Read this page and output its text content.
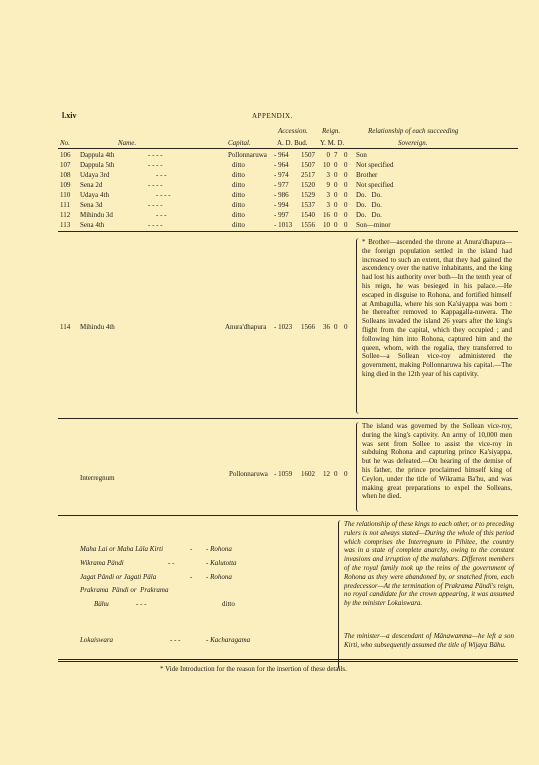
l.xiv	APPENDIX.
Accession. Reign.	Relationship of each succeeding
No.	Name.	Capital.	A. D. Bud. Y. M. D.	Sovereign.
106 Dappula 4th	- - - -	Pollonnaruwa - 964 1507	0 7 0 Son
107 Dappula 5th	- - - -	ditto	- 964 1507	10 0 0 Not specified
108 Udaya 3rd	- - -	ditto	- 974 2517	3 0 0 Brother
109 Sena 2d	- - - -	ditto	- 977 1520	9 0 0 Not specified
110 Udaya 4th	- - - -	ditto	- 986 1529	3 0 0 Do.   Do.
111 Sena 3d	- - - -	ditto	- 994 1537	3 0 0 Do.   Do.
112 Mihindu 3d	- - -	ditto	- 997 1540	16 0 0 Do.   Do.
113 Sena 4th	- - - -	ditto	- 1013 1556	10 0 0 Son—minor
* Brother—ascended the throne at Anura'dhapura— the foreign population settled in the island had increased to such an extent, that they had gained the ascendency over the native inhabitants, and the king had lost his authority over both—In the tenth year of his reign, he was besieged in his palace.—He escaped in disguise to Rohona, and fortified himself at Ambagulla, where his son Ka'siyappa was born : he thereafter removed to Kappagalla-nuwera. The Solleans invaded the island 26 years after the king's flight from the capital, which they occupied ; and following him into Rohona, captured him and the queen, whom, with the regalia, they transferred to Sollee—a Sollean vice-roy administered the government, making Pollonnaruwa his capital.—The king died in the 12th year of his captivity.
114 Mihindu 4th	Anura'dhapura - 1023 1566	36 0 0
The island was governed by the Sollean vice-roy, during the king's captivity. An army of 10,000 men was sent from Sollee to assist the vice-roy in subduing Rohona and capturing prince Ka'siyappa, but he was defeated.—On hearing of the demise of his father, the prince proclaimed himself king of Ceylon, under the title of Wikrama Ba'hu, and was making great preparations to expel the Solleans, when he died.
Interregnum	Pollonnaruwa - 1059 1602	12 0 0
The relationship of these kings to each other, or to preceding rulers is not always stated—During the whole of this period which comprises the Interregnum in Pihitee, the country was in a state of complete anarchy, owing to the constant invasions and irruption of the malabars. Different members of the royal family took up the reins of the government of Rohona as they were abandoned by, or snatched from, each predecessor—At the termination of Prakrama Pändi's reign, no royal candidate for the crown appearing, it was assumed by the minister Lokaiswara.
Maha Lai or Maha Läla Kirti	- - Rohona
Wikrama Pändi	- -	- Kalutotta
Jagat Pändi or Jagati Päla	- - Rohona
Prakrama  Pändi or  Prakrama
Bähu	- - -	ditto
The minister—a descendant of Mänawamma—he left a son Kirti, who subsequently assumed the title of Wijaya Bähu.
Lokaiswara	- - -	- Kacharagama
* Vide Introduction for the reason for the insertion of these details.
